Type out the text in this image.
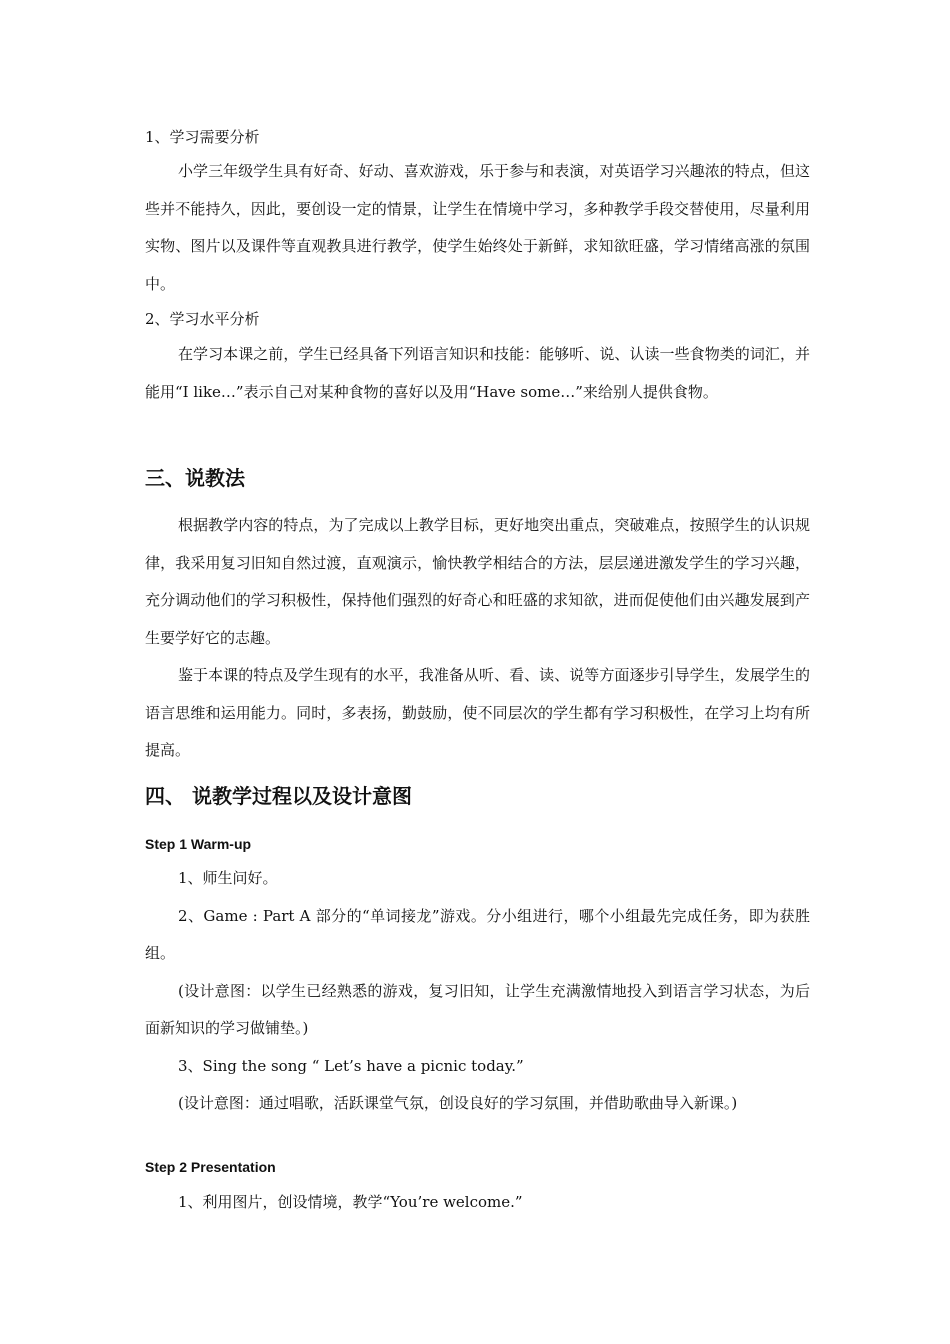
1、学习需要分析

小学三年级学生具有好奇、好动、喜欢游戏，乐于参与和表演，对英语学习兴趣浓的特点，但这些并不能持久，因此，要创设一定的情景，让学生在情境中学习，多种教学手段交替使用，尽量利用实物、图片以及课件等直观教具进行教学，使学生始终处于新鲜，求知欲旺盛，学习情绪高涨的氛围中。

2、学习水平分析

在学习本课之前，学生已经具备下列语言知识和技能：能够听、说、认读一些食物类的词汇，并能用“I like…”表示自己对某种食物的喜好以及用“Have some…”来给别人提供食物。

三、说教法

根据教学内容的特点，为了完成以上教学目标，更好地突出重点，突破难点，按照学生的认识规律，我采用复习旧知自然过渡，直观演示，愉快教学相结合的方法，层层递进激发学生的学习兴趣，充分调动他们的学习积极性，保持他们强烈的好奇心和旺盛的求知欲，进而促使他们由兴趣发展到产生要学好它的志趣。

鉴于本课的特点及学生现有的水平，我准备从听、看、读、说等方面逐步引导学生，发展学生的语言思维和运用能力。同时，多表扬，勤鼓励，使不同层次的学生都有学习积极性，在学习上均有所提高。

四、 说教学过程以及设计意图
Step 1 Warm-up

1、师生问好。

2、Game : Part A 部分的“单词接龙”游戏。分小组进行，哪个小组最先完成任务，即为获胜组。

(设计意图：以学生已经熟悉的游戏，复习旧知，让学生充满激情地投入到语言学习状态，为后面新知识的学习做铺垫。)

3、Sing the song “ Let’s have a picnic today.”

(设计意图：通过唱歌，活跃课堂气氛，创设良好的学习氛围，并借助歌曲导入新课。)

Step 2 Presentation

1、利用图片，创设情境，教学“You’re welcome.”
